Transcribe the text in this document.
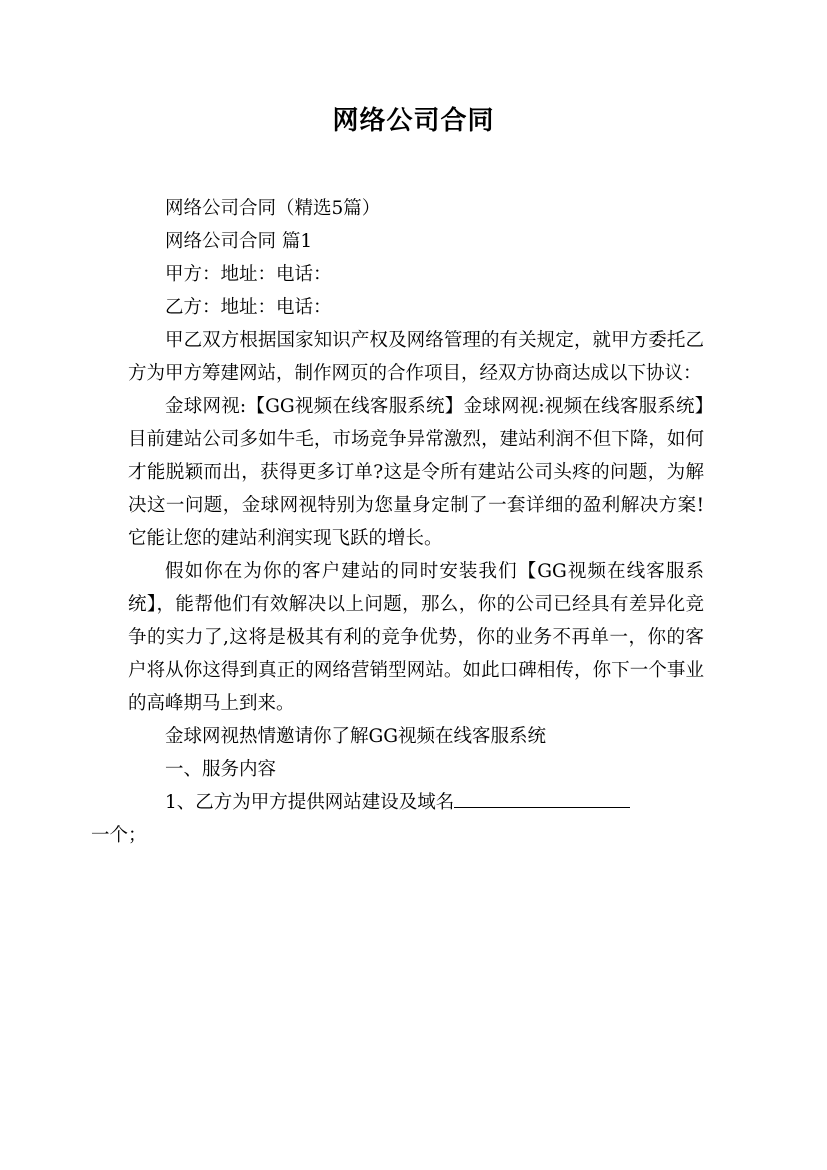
网络公司合同

网络公司合同（精选5篇）

网络公司合同 篇1

甲方：地址：电话：

乙方：地址：电话：

甲乙双方根据国家知识产权及网络管理的有关规定，就甲方委托乙方为甲方筹建网站，制作网页的合作项目，经双方协商达成以下协议：

金球网视:【GG视频在线客服系统】金球网视:视频在线客服系统】目前建站公司多如牛毛，市场竞争异常激烈，建站利润不但下降，如何才能脱颖而出，获得更多订单?这是令所有建站公司头疼的问题，为解决这一问题，金球网视特别为您量身定制了一套详细的盈利解决方案!它能让您的建站利润实现飞跃的增长。

假如你在为你的客户建站的同时安装我们【GG视频在线客服系统】，能帮他们有效解决以上问题，那么，你的公司已经具有差异化竞争的实力了,这将是极其有利的竞争优势，你的业务不再单一，你的客户将从你这得到真正的网络营销型网站。如此口碑相传，你下一个事业的高峰期马上到来。

金球网视热情邀请你了解GG视频在线客服系统

一、服务内容

1、乙方为甲方提供网站建设及域名
一个；
